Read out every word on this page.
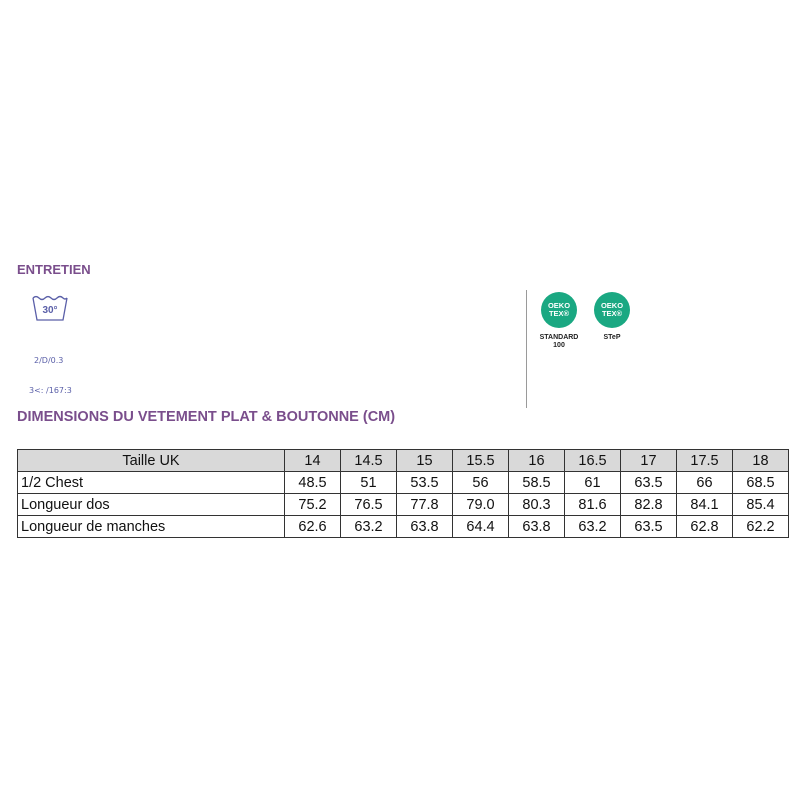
ENTRETIEN
30°

2/D/0.3

3<: /167:3

OEKO
TEX®
STANDARD
100
OEKO
TEX®
STeP
DIMENSIONS DU VETEMENT PLAT & BOUTONNE (CM)
Taille UK	14	14.5	15	15.5	16	16.5	17	17.5	18
1/2 Chest	48.5	51	53.5	56	58.5	61	63.5	66	68.5
Longueur dos	75.2	76.5	77.8	79.0	80.3	81.6	82.8	84.1	85.4
Longueur de manches	62.6	63.2	63.8	64.4	63.8	63.2	63.5	62.8	62.2
